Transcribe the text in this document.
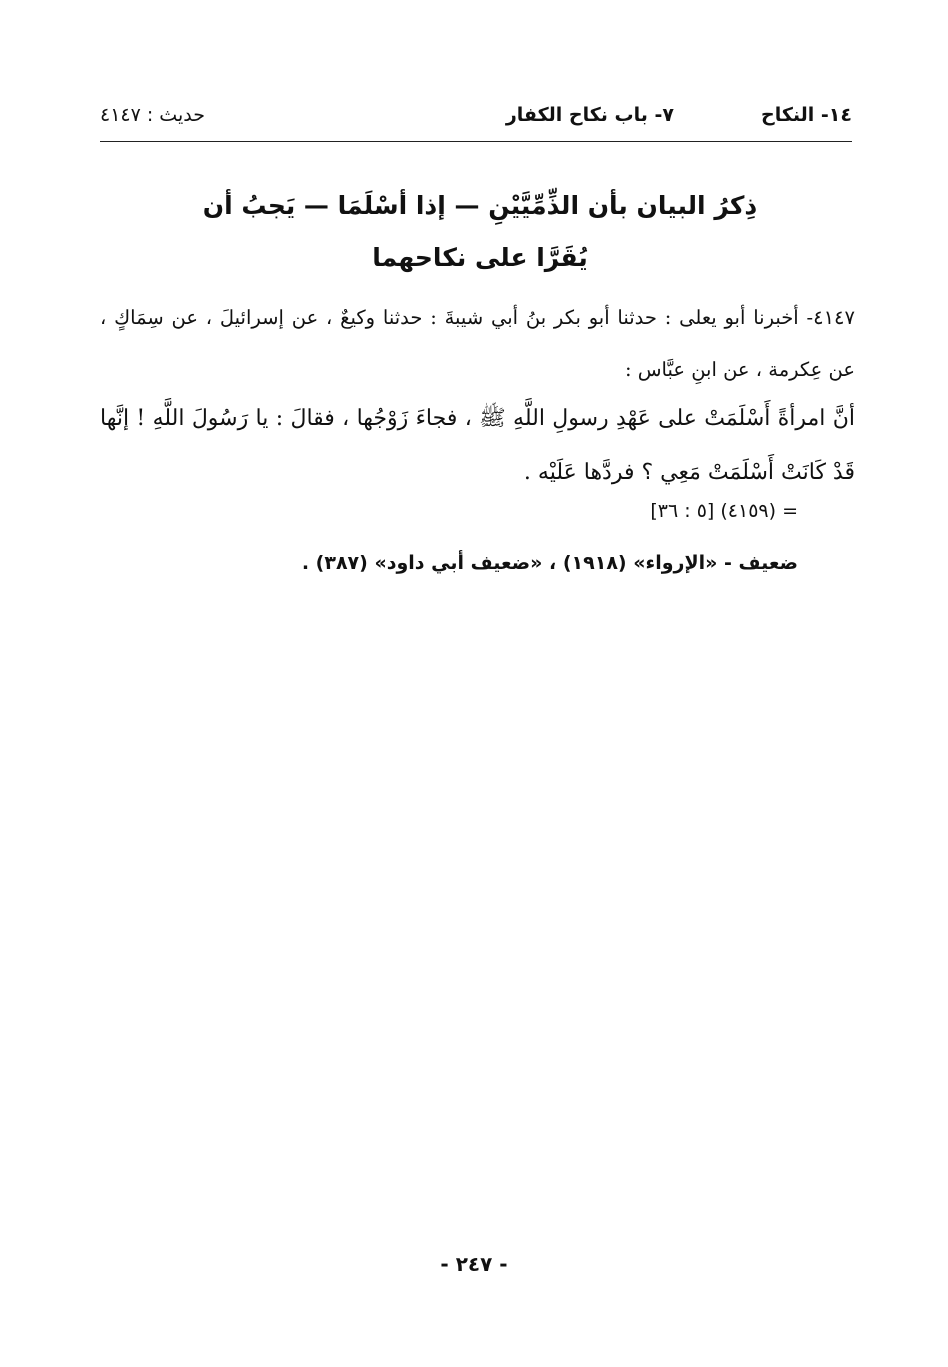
١٤- النكاح
٧- باب نكاح الكفار
حديث : ٤١٤٧
ذِكرُ البيان بأن الذِّمِّيَّيْنِ — إذا أسْلَمَا — يَجبُ أن يُقَرَّا على نكاحهما
٤١٤٧- أخبرنا أبو يعلى : حدثنا أبو بكر بنُ أبي شيبةَ : حدثنا وكيعٌ ، عن إسرائيلَ ، عن سِمَاكٍ ، عن عِكرمة ، عن ابنِ عبَّاس :
أنَّ امرأةً أَسْلَمَتْ على عَهْدِ رسولِ اللَّهِ ﷺ ، فجاءَ زَوْجُها ، فقالَ : يا رَسُولَ اللَّهِ ! إنَّها قَدْ كَانَتْ أَسْلَمَتْ مَعِي ؟ فردَّها عَلَيْه .
= (٤١٥٩) [٥ : ٣٦]
ضعيف - «الإرواء» (١٩١٨) ، «ضعيف أبي داود» (٣٨٧) .
- ٢٤٧ -
